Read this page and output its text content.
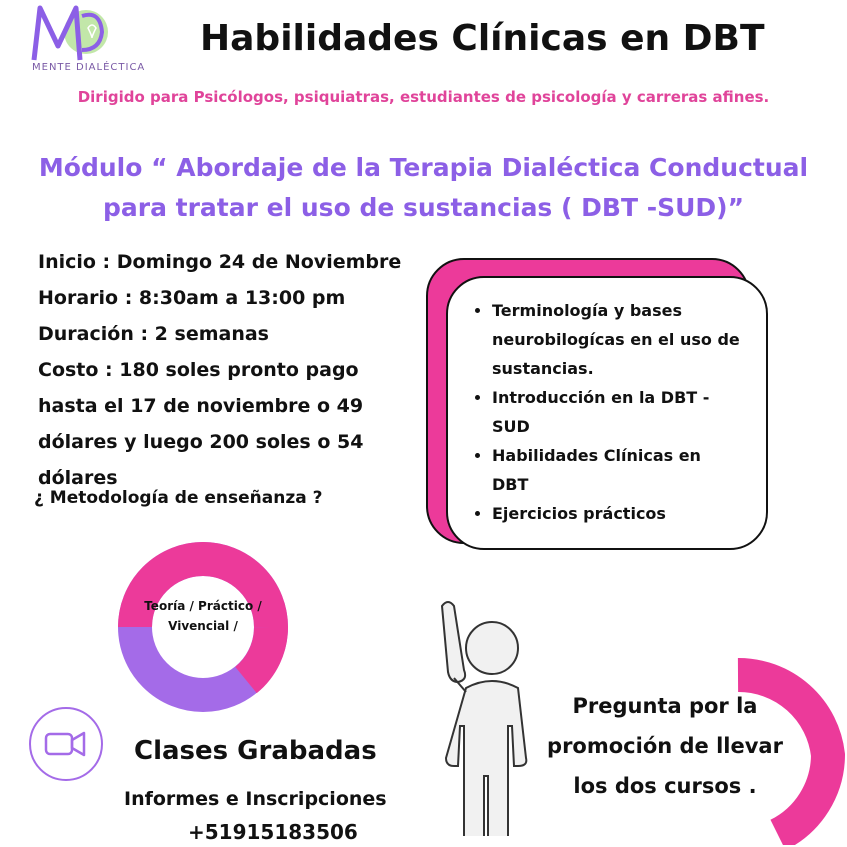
MENTE DIALÉCTICA
Habilidades Clínicas en DBT
Dirigido para Psicólogos, psiquiatras, estudiantes de psicología y carreras afines.
Módulo “ Abordaje de la Terapia Dialéctica Conductual
para tratar el uso de sustancias ( DBT -SUD)”
Inicio : Domingo 24 de Noviembre
Horario : 8:30am a 13:00 pm
Duración : 2 semanas
Costo : 180 soles pronto pago
hasta el 17 de noviembre o 49
dólares y luego 200 soles o 54
dólares
¿ Metodología de enseñanza ?
• Terminología y bases neurobilogícas en el uso de sustancias.
• Introducción en la DBT - SUD
• Habilidades Clínicas en DBT
• Ejercicios prácticos
Teoría / Práctico /
Vivencial /
Clases Grabadas
Informes e Inscripciones
+51915183506
Pregunta por la
promoción de llevar
los dos cursos .
